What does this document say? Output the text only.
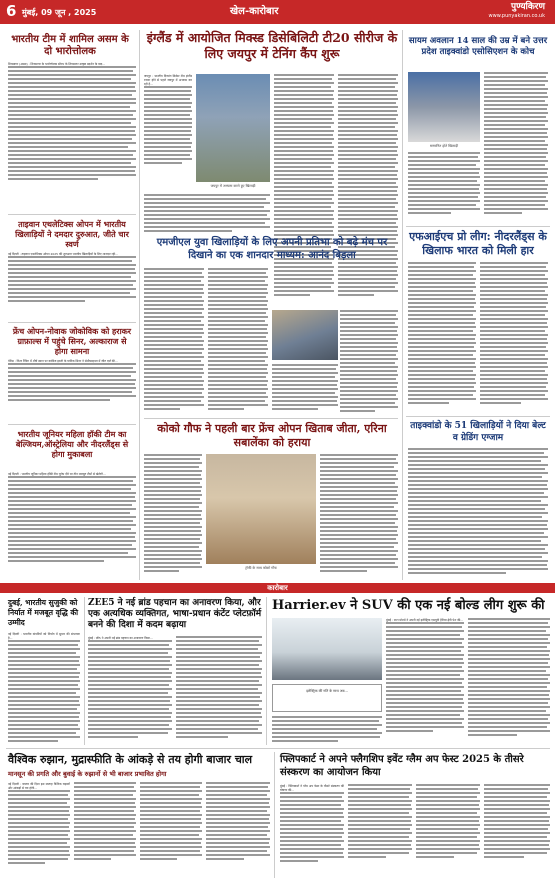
6 मुंबई, 09 जून , 2025	खेल-कारोबार	पुण्यकिरण
www.punyakiran.co.uk
भारतीय टीम में शामिल असम के दो भारोत्तोलक
शिवसागर (असम) : शिवसागर के भारोत्तोलक सौरभ के शिवसागर उत्कृष्ट प्रदर्शन के बाद...
ताइवान एथलेटिक्स ओपन में भारतीय खिलाड़ियों ने दमदार दुरुआत, जीते चार स्वर्ण
नई दिल्ली : ताइवान एथलेटिक्स ओपन 2025 की शुरुआत भारतीय खिलाड़ियों के लिए शानदार रही...
फ्रेंच ओपन-नोवाक जोकोविक को हराकर ग्राफ़ाल्स में पहुंचे सिनर, अल्काराज से होगा सामना
पेरिस : विश्व रैंकिंग में शीर्ष स्थान पर काबिज इटली के यानिक सिनर ने सेमीफाइनल में जीत दर्ज की...
भारतीय जूनियर महिला हॉकी टीम का बेल्जियम,ऑस्ट्रेलिया और नीदरलैंड्स से होगा मुकाबला
नई दिल्ली : भारतीय जूनियर महिला हॉकी टीम यूरोप दौरे पर तीन मजबूत टीमों से खेलेगी...
इंग्लैंड में आयोजित मिक्स्ड डिसेबिलिटी टी20 सीरीज के लिए जयपुर में टेनिंग कैंप शुरू
जयपुर : भारतीय दिव्यांग क्रिकेट टीम इंग्लैंड रवाना होने से पहले जयपुर में अभ्यास कर रही है...
जयपुर में अभ्यास करते हुए खिलाड़ी
एमजीएल युवा खिलाड़ियों के लिए अपनी प्रतिभा को बढ़े मंच पर दिखाने का एक शानदार माध्यम: आनंद बिड़ला
कोको गौफ ने पहली बार फ्रेंच ओपन खिताब जीता, एरिना सबालेंका को हराया
ट्रॉफी के साथ कोको गौफ
सायम अवलान 14 साल की उम्र में बने उत्तर प्रदेश ताइक्वांडो एसोसिएशन के कोच
सम्मानित होते खिलाड़ी
एफआईएच प्रो लीग: नीदरलैंड्स के खिलाफ भारत को मिली हार
ताइक्वांडो के 51 खिलाड़ियों ने दिया बेल्ट व ग्रेडिंग एग्जाम
कारोबार
दुबई, भारतीय सुजुकी को निर्यात में मजबूत वृद्धि की उम्मीद
नई दिल्ली : भारतीय कंपनियों को निर्यात में सुधार की संभावना है...
ZEE5 ने नई ब्रांड पहचान का अनावरण किया, और एक अत्यधिक व्यक्तिगत, भाषा-प्रधान कंटेंट प्लेटफ़ॉर्म बनने की दिशा में कदम बढ़ाया
मुंबई : ज़ी5 ने अपनी नई ब्रांड पहचान का अनावरण किया...
Harrier.ev ने SUV की एक नई बोल्ड लीग शुरू की
मुंबई : टाटा मोटर्स ने अपनी नई इलेक्ट्रिक एसयूवी हैरियर.ईवी पेश की...
इलेक्ट्रिक की गति के साथ अब...
वैश्विक रुझान, मुद्रास्फीति के आंकड़े से तय होगी बाजार चाल
मानसून की प्रगति और बुवाई के रुझानों से भी बाजार प्रभावित होगा
नई दिल्ली : बाजार की दिशा इस सप्ताह वैश्विक रुझानों और आंकड़ों से तय होगी...
फ्लिपकार्ट ने अपने फ्लैगशिप इवेंट ग्लैम अप फेस्ट 2025 के तीसरे संस्करण का आयोजन किया
मुंबई : फ्लिपकार्ट ने ग्लैम अप फेस्ट के तीसरे संस्करण की घोषणा की...
